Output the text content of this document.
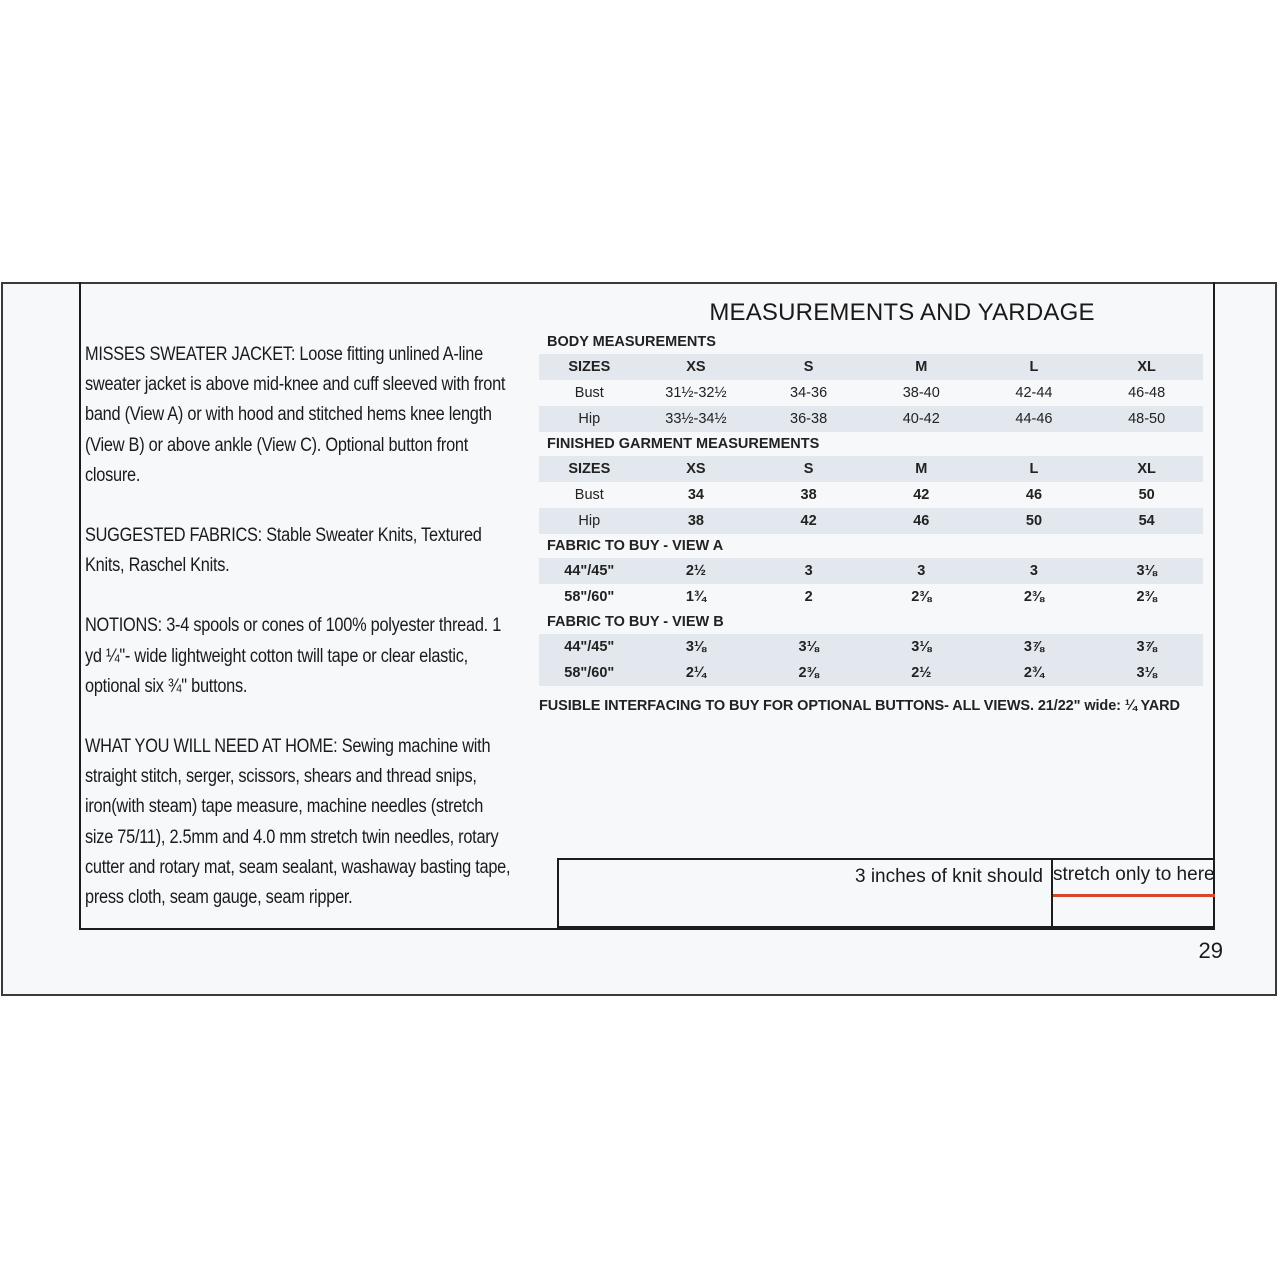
MISSES SWEATER JACKET: Loose fitting unlined A-line sweater jacket is above mid-knee and cuff sleeved with front band (View A) or with hood and stitched hems knee length (View B) or above ankle (View C). Optional button front closure.

SUGGESTED FABRICS: Stable Sweater Knits, Textured Knits, Raschel Knits.

NOTIONS: 3-4 spools or cones of 100% polyester thread. 1 yd ¼"- wide lightweight cotton twill tape or clear elastic, optional six ¾" buttons.

WHAT YOU WILL NEED AT HOME: Sewing machine with straight stitch, serger, scissors, shears and thread snips, iron(with steam) tape measure, machine needles (stretch size 75/11), 2.5mm and 4.0 mm stretch twin needles, rotary cutter and rotary mat, seam sealant, washaway basting tape, press cloth, seam gauge, seam ripper.

MEASUREMENTS AND YARDAGE
BODY MEASUREMENTS
SIZES	XS	S	M	L	XL
Bust	31½-32½	34-36	38-40	42-44	46-48
Hip	33½-34½	36-38	40-42	44-46	48-50
FINISHED GARMENT MEASUREMENTS
SIZES	XS	S	M	L	XL
Bust	34	38	42	46	50
Hip	38	42	46	50	54
FABRIC TO BUY - VIEW A
44"/45"	2½	3	3	3	3⅛
58"/60"	1¾	2	2⅜	2⅜	2⅜
FABRIC TO BUY - VIEW B
44"/45"	3⅛	3⅛	3⅛	3⅞	3⅞
58"/60"	2¼	2⅜	2½	2¾	3⅛
FUSIBLE INTERFACING TO BUY FOR OPTIONAL BUTTONS- ALL VIEWS. 21/22" wide: ¼ YARD
3 inches of knit should stretch only to here
29
